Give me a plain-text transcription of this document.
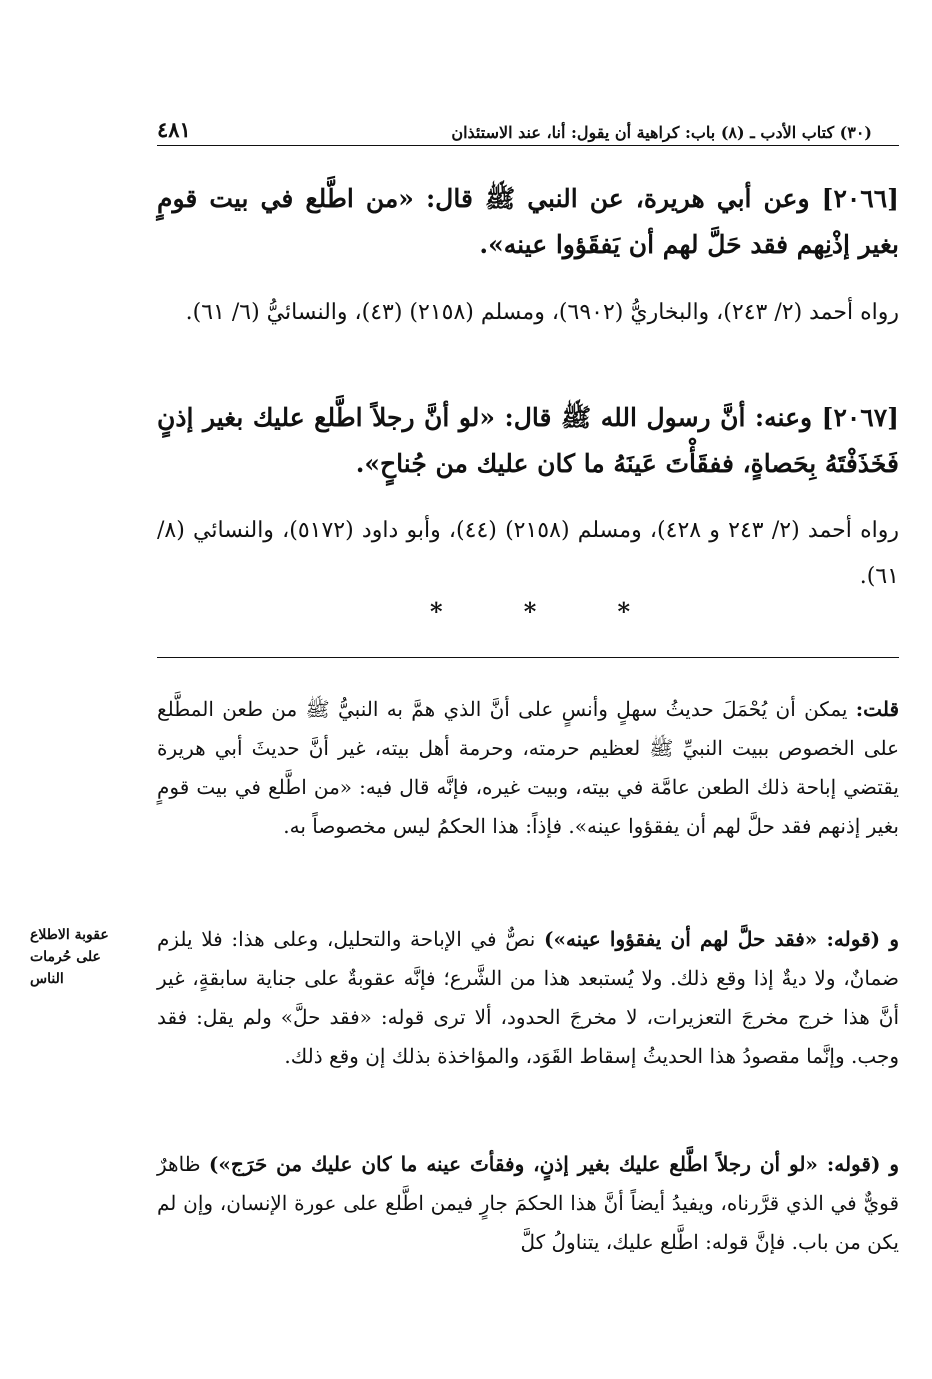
(٣٠) كتاب الأدب ـ (٨) باب: كراهية أن يقول: أنا، عند الاستئذان
٤٨١

[٢٠٦٦] وعن أبي هريرة، عن النبي ﷺ قال: «من اطَّلع في بيت قومٍ بغير إذْنِهم فقد حَلَّ لهم أن يَفقَؤوا عينه».

رواه أحمد (٢/ ٢٤٣)، والبخاريُّ (٦٩٠٢)، ومسلم (٢١٥٨) (٤٣)، والنسائيُّ (٦/ ٦١).

[٢٠٦٧] وعنه: أنَّ رسول الله ﷺ قال: «لو أنَّ رجلاً اطَّلع عليك بغير إذنٍ فَخَذَفْتَهُ بِحَصاةٍ، ففقَأْتَ عَينَهُ ما كان عليك من جُناحٍ».

رواه أحمد (٢/ ٢٤٣ و ٤٢٨)، ومسلم (٢١٥٨) (٤٤)، وأبو داود (٥١٧٢)، والنسائي (٨/ ٦١).

*	*	*

قلت: يمكن أن يُحْمَلَ حديثُ سهلٍ وأنسٍ على أنَّ الذي همَّ به النبيُّ ﷺ من طعن المطَّلع على الخصوص ببيت النبيِّ ﷺ لعظيم حرمته، وحرمة أهل بيته، غير أنَّ حديثَ أبي هريرة يقتضي إباحة ذلك الطعن عامَّة في بيته، وبيت غيره، فإنَّه قال فيه: «من اطَّلع في بيت قومٍ بغير إذنهم فقد حلَّ لهم أن يفقؤوا عينه». فإذاً: هذا الحكمُ ليس مخصوصاً به.

و (قوله: «فقد حلَّ لهم أن يفقؤوا عينه») نصٌّ في الإباحة والتحليل، وعلى هذا: فلا يلزم ضمانٌ، ولا ديةٌ إذا وقع ذلك. ولا يُستبعد هذا من الشَّرع؛ فإنَّه عقوبةٌ على جناية سابقةٍ، غير أنَّ هذا خرج مخرجَ التعزيرات، لا مخرجَ الحدود، ألا ترى قوله: «فقد حلَّ» ولم يقل: فقد وجب. وإنَّما مقصودُ هذا الحديثُ إسقاط القَوَد، والمؤاخذة بذلك إن وقع ذلك.

و (قوله: «لو أن رجلاً اطَّلع عليك بغير إذنٍ، وفقأتَ عينه ما كان عليك من حَرَج») ظاهرٌ قويٌّ في الذي قرَّرناه، ويفيدُ أيضاً أنَّ هذا الحكمَ جارٍ فيمن اطَّلع على عورة الإنسان، وإن لم يكن من باب. فإنَّ قوله: اطَّلع عليك، يتناولُ كلَّ

عقوبة الاطلاع
على حُرمات
الناس
